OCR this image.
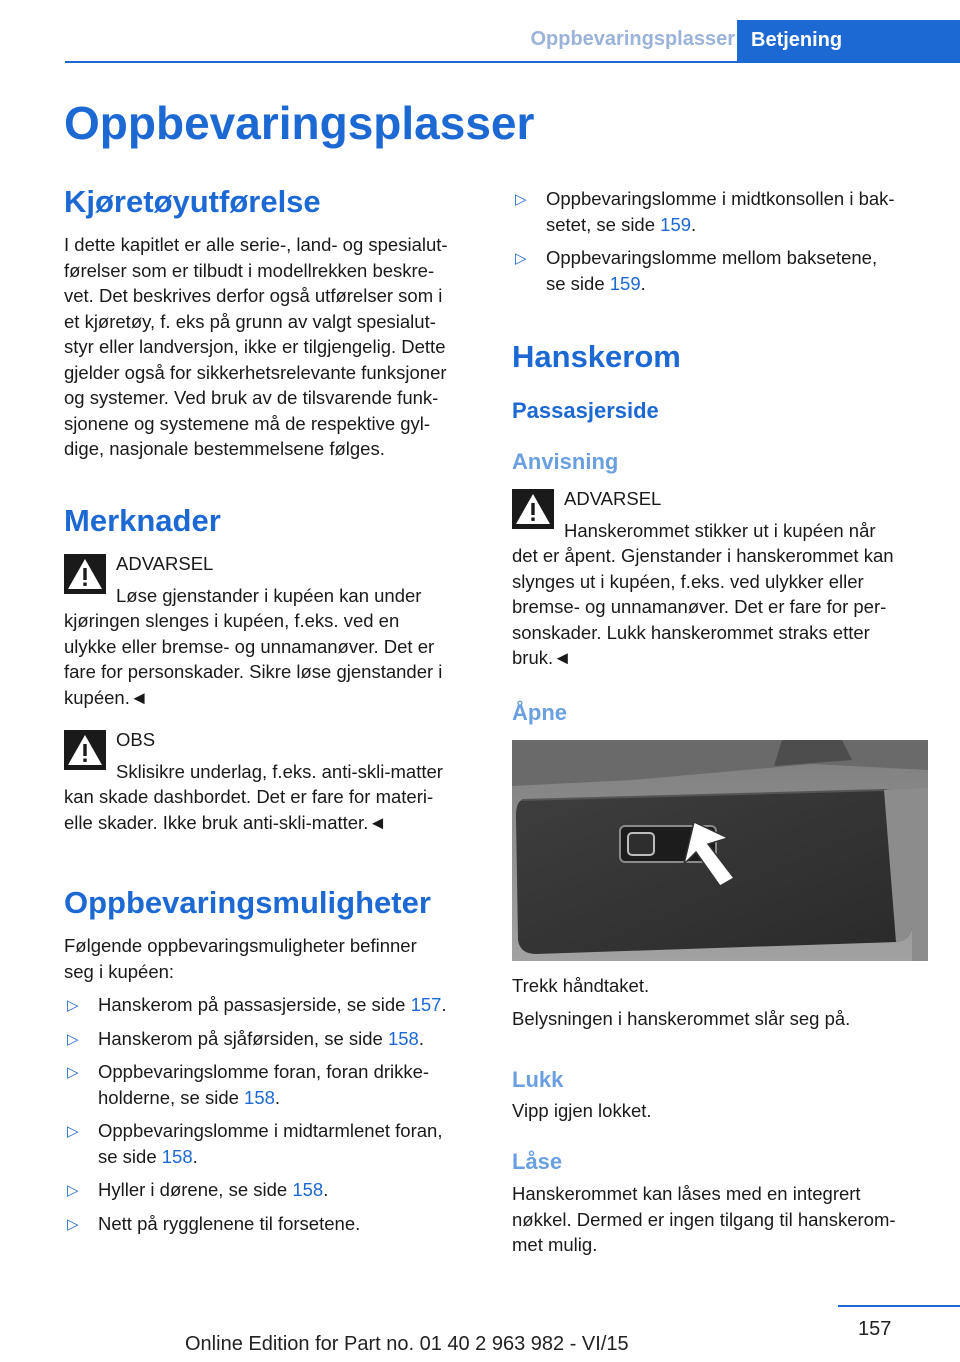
Oppbevaringsplasser Betjening
Oppbevaringsplasser
Kjøretøyutførelse
I dette kapitlet er alle serie-, land- og spesialut‐
førelser som er tilbudt i modellrekken beskre‐
vet. Det beskrives derfor også utførelser som i
et kjøretøy, f. eks på grunn av valgt spesialut‐
styr eller landversjon, ikke er tilgjengelig. Dette
gjelder også for sikkerhetsrelevante funksjoner
og systemer. Ved bruk av de tilsvarende funk‐
sjonene og systemene må de respektive gyl‐
dige, nasjonale bestemmelsene følges.
Merknader
ADVARSEL
Løse gjenstander i kupéen kan under
kjøringen slenges i kupéen, f.eks. ved en
ulykke eller bremse- og unnamanøver. Det er
fare for personskader. Sikre løse gjenstander i
kupéen.◄
OBS
Sklisikre underlag, f.eks. anti-skli-matter
kan skade dashbordet. Det er fare for materi‐
elle skader. Ikke bruk anti-skli-matter.◄
Oppbevaringsmuligheter
Følgende oppbevaringsmuligheter befinner
seg i kupéen:
▷ Hanskerom på passasjerside, se side 157.
▷ Hanskerom på sjåførsiden, se side 158.
▷ Oppbevaringslomme foran, foran drikke‐
holderne, se side 158.
▷ Oppbevaringslomme i midtarmlenet foran,
se side 158.
▷ Hyller i dørene, se side 158.
▷ Nett på rygglenene til forsetene.
▷ Oppbevaringslomme i midtkonsollen i bak‐
setet, se side 159.
▷ Oppbevaringslomme mellom baksetene,
se side 159.
Hanskerom
Passasjerside
Anvisning
ADVARSEL
Hanskerommet stikker ut i kupéen når
det er åpent. Gjenstander i hanskerommet kan
slynges ut i kupéen, f.eks. ved ulykker eller
bremse- og unnamanøver. Det er fare for per‐
sonskader. Lukk hanskerommet straks etter
bruk.◄
Åpne
Trekk håndtaket.
Belysningen i hanskerommet slår seg på.
Lukk
Vipp igjen lokket.
Låse
Hanskerommet kan låses med en integrert
nøkkel. Dermed er ingen tilgang til hanskerom‐
met mulig.
157
Online Edition for Part no. 01 40 2 963 982 - VI/15
